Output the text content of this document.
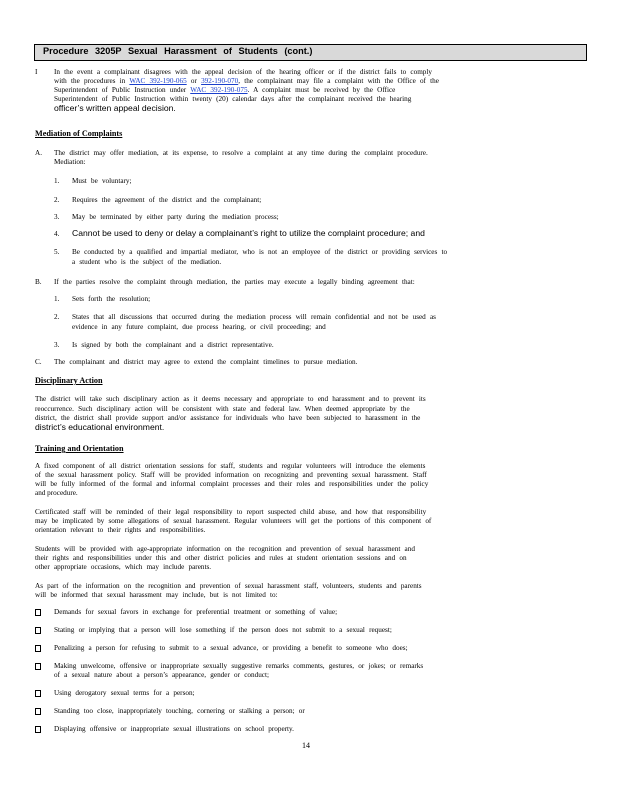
Procedure 3205P Sexual Harassment of Students (cont.)
I In the event a complainant disagrees with the appeal decision of the hearing officer or if the district fails to comply
with the procedures in WAC 392-190-065 or 392-190-070, the complainant may file a complaint with the Office of the
Superintendent of Public Instruction under WAC 392-190-075. A complaint must be received by the Office
Superintendent of Public Instruction within twenty (20) calendar days after the complainant received the hearing
officer’s written appeal decision.
Mediation of Complaints
A. The district may offer mediation, at its expense, to resolve a complaint at any time during the complaint procedure.
Mediation:
1. Must be voluntary;
2. Requires the agreement of the district and the complainant;
3. May be terminated by either party during the mediation process;
4. Cannot be used to deny or delay a complainant’s right to utilize the complaint procedure; and
5. Be conducted by a qualified and impartial mediator, who is not an employee of the district or providing services to
a student who is the subject of the mediation.
B. If the parties resolve the complaint through mediation, the parties may execute a legally binding agreement that:
1. Sets forth the resolution;
2. States that all discussions that occurred during the mediation process will remain confidential and not be used as
evidence in any future complaint, due process hearing, or civil proceeding; and
3. Is signed by both the complainant and a district representative.
C. The complainant and district may agree to extend the complaint timelines to pursue mediation.
Disciplinary Action
The district will take such disciplinary action as it deems necessary and appropriate to end harassment and to prevent its
reoccurrence. Such disciplinary action will be consistent with state and federal law. When deemed appropriate by the
district, the district shall provide support and/or assistance for individuals who have been subjected to harassment in the
district’s educational environment.
Training and Orientation
A fixed component of all district orientation sessions for staff, students and regular volunteers will introduce the elements
of the sexual harassment policy. Staff will be provided information on recognizing and preventing sexual harassment. Staff
will be fully informed of the formal and informal complaint processes and their roles and responsibilities under the policy
and procedure.
Certificated staff will be reminded of their legal responsibility to report suspected child abuse, and how that responsibility
may be implicated by some allegations of sexual harassment. Regular volunteers will get the portions of this component of
orientation relevant to their rights and responsibilities.
Students will be provided with age-appropriate information on the recognition and prevention of sexual harassment and
their rights and responsibilities under this and other district policies and rules at student orientation sessions and on
other appropriate occasions, which may include parents.
As part of the information on the recognition and prevention of sexual harassment staff, volunteers, students and parents
will be informed that sexual harassment may include, but is not limited to:
Demands for sexual favors in exchange for preferential treatment or something of value;
Stating or implying that a person will lose something if the person does not submit to a sexual request;
Penalizing a person for refusing to submit to a sexual advance, or providing a benefit to someone who does;
Making unwelcome, offensive or inappropriate sexually suggestive remarks comments, gestures, or jokes; or remarks
of a sexual nature about a person’s appearance, gender or conduct;
Using derogatory sexual terms for a person;
Standing too close, inappropriately touching, cornering or stalking a person; or
Displaying offensive or inappropriate sexual illustrations on school property.
14
